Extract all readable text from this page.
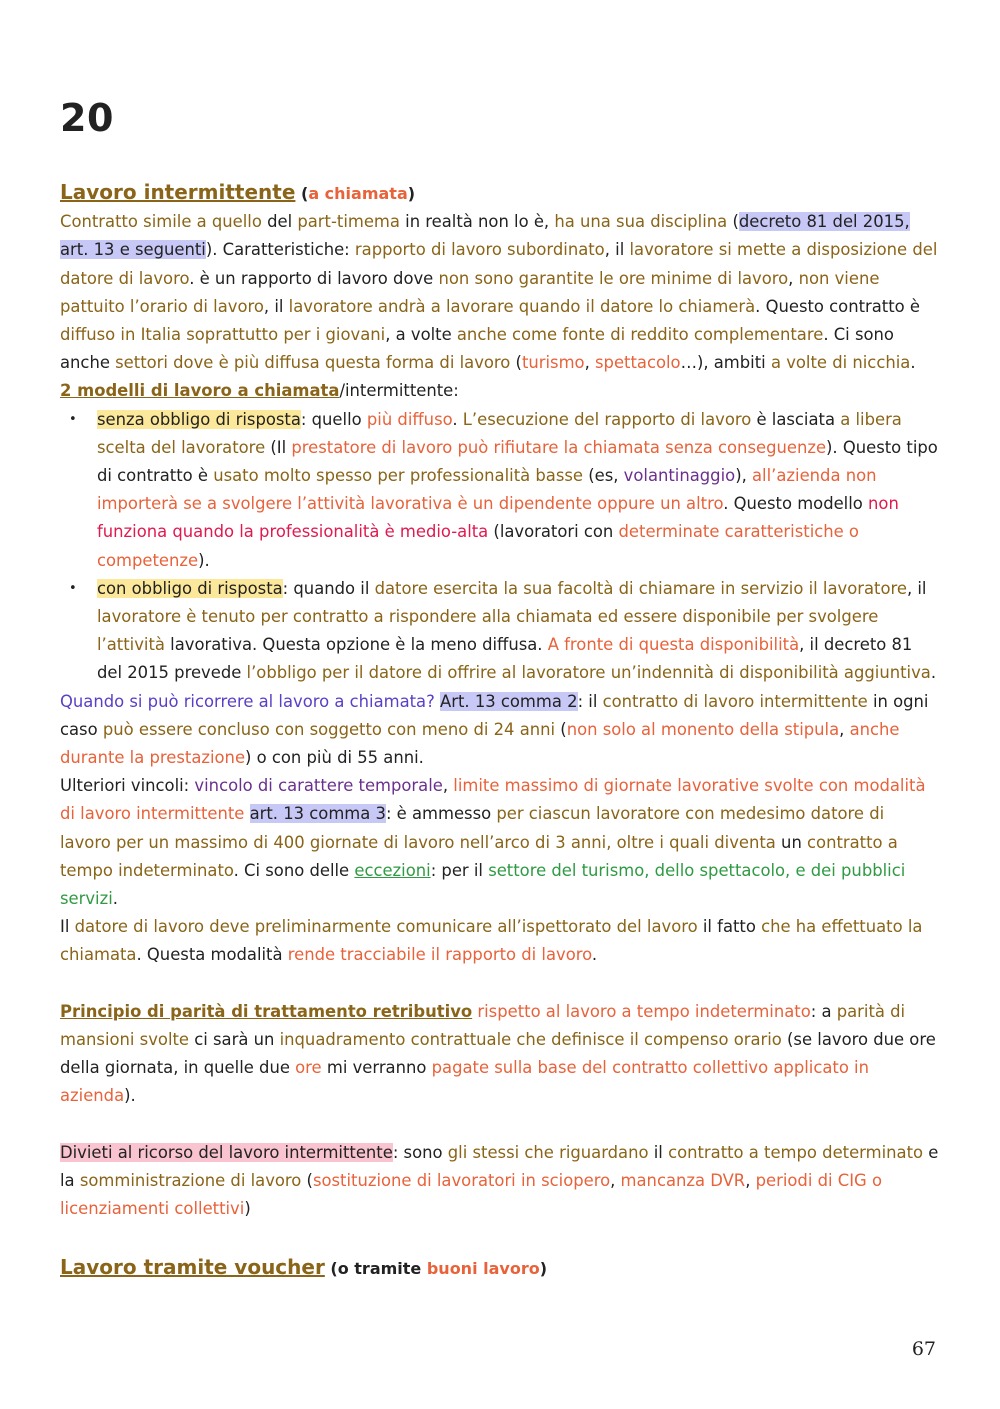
20

Lavoro intermittente (a chiamata)

Contratto simile a quello del part-timema in realtà non lo è, ha una sua disciplina (decreto 81 del 2015, art. 13 e seguenti). Caratteristiche: rapporto di lavoro subordinato, il lavoratore si mette a disposizione del datore di lavoro. è un rapporto di lavoro dove non sono garantite le ore minime di lavoro, non viene pattuito l’orario di lavoro, il lavoratore andrà a lavorare quando il datore lo chiamerà. Questo contratto è diffuso in Italia soprattutto per i giovani, a volte anche come fonte di reddito complementare. Ci sono anche settori dove è più diffusa questa forma di lavoro (turismo, spettacolo…), ambiti a volte di nicchia.

2 modelli di lavoro a chiamata/intermittente:

• senza obbligo di risposta: quello più diffuso. L’esecuzione del rapporto di lavoro è lasciata a libera scelta del lavoratore (Il prestatore di lavoro può rifiutare la chiamata senza conseguenze). Questo tipo di contratto è usato molto spesso per professionalità basse (es, volantinaggio), all’azienda non importerà se a svolgere l’attività lavorativa è un dipendente oppure un altro. Questo modello non funziona quando la professionalità è medio-alta (lavoratori con determinate caratteristiche o competenze).
• con obbligo di risposta: quando il datore esercita la sua facoltà di chiamare in servizio il lavoratore, il lavoratore è tenuto per contratto a rispondere alla chiamata ed essere disponibile per svolgere l’attività lavorativa. Questa opzione è la meno diffusa. A fronte di questa disponibilità, il decreto 81 del 2015 prevede l’obbligo per il datore di offrire al lavoratore un’indennità di disponibilità aggiuntiva.

Quando si può ricorrere al lavoro a chiamata? Art. 13 comma 2: il contratto di lavoro intermittente in ogni caso può essere concluso con soggetto con meno di 24 anni (non solo al monento della stipula, anche durante la prestazione) o con più di 55 anni.

Ulteriori vincoli: vincolo di carattere temporale, limite massimo di giornate lavorative svolte con modalità di lavoro intermittente art. 13 comma 3: è ammesso per ciascun lavoratore con medesimo datore di lavoro per un massimo di 400 giornate di lavoro nell’arco di 3 anni, oltre i quali diventa un contratto a tempo indeterminato. Ci sono delle eccezioni: per il settore del turismo, dello spettacolo, e dei pubblici servizi.

Il datore di lavoro deve preliminarmente comunicare all’ispettorato del lavoro il fatto che ha effettuato la chiamata. Questa modalità rende tracciabile il rapporto di lavoro.

Principio di parità di trattamento retributivo rispetto al lavoro a tempo indeterminato: a parità di mansioni svolte ci sarà un inquadramento contrattuale che definisce il compenso orario (se lavoro due ore della giornata, in quelle due ore mi verranno pagate sulla base del contratto collettivo applicato in azienda).

Divieti al ricorso del lavoro intermittente: sono gli stessi che riguardano il contratto a tempo determinato e la somministrazione di lavoro (sostituzione di lavoratori in sciopero, mancanza DVR, periodi di CIG o licenziamenti collettivi)

Lavoro tramite voucher (o tramite buoni lavoro)

67
